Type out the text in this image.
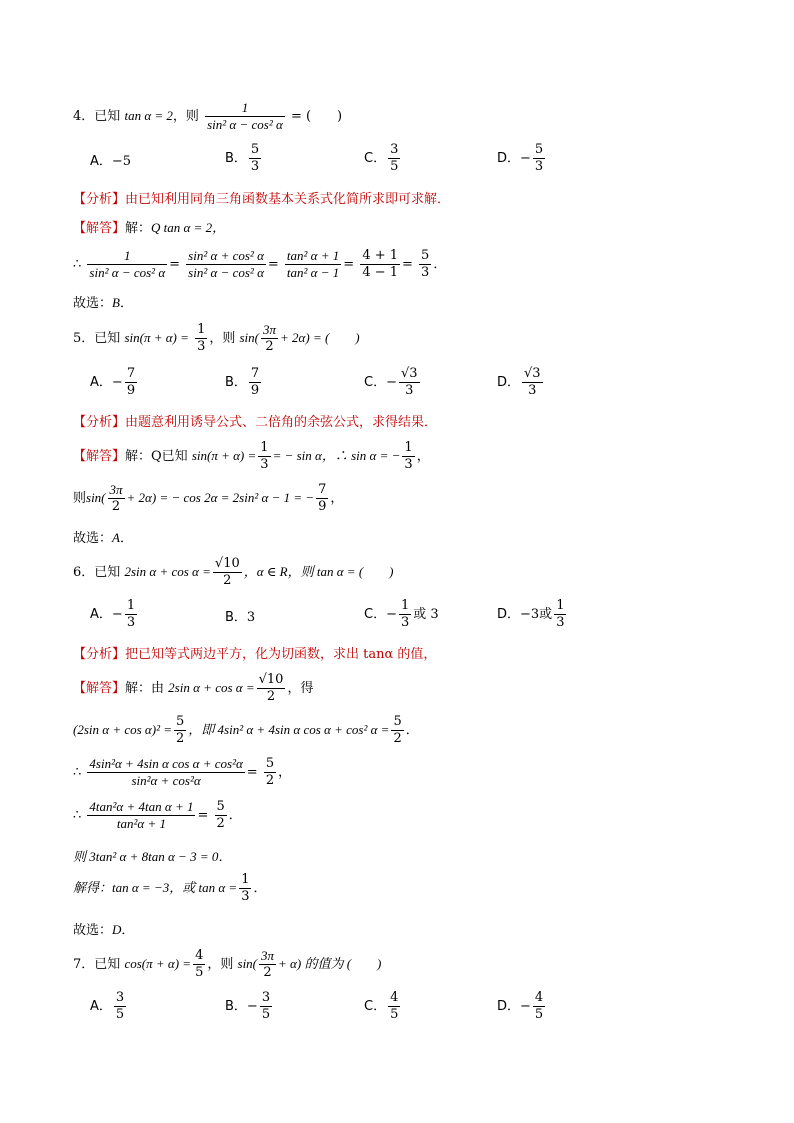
4．已知 tan α = 2，则 $\frac{1}{\text{sin² α − cos² α}}$ = (　　)
A．−5	B． $\frac{5}{3}$	C． $\frac{3}{5}$	D．− $\frac{5}{3}$
【分析】由已知利用同角三角函数基本关系式化简所求即可求解．
【解答】解：Q tan α = 2，
∴ $\frac{1}{\text{sin² α − cos² α}} = \frac{\text{sin² α + cos² α}}{\text{sin² α − cos² α}} = \frac{\text{tan² α + 1}}{\text{tan² α − 1}} = \frac{4 + 1}{4 - 1} = \frac{5}{3}$ ．
故选：B．
5．已知 $\sin(\pi + \alpha) = \frac{1}{3}$ ，则 $\sin( \frac{3\pi}{2} + 2\alpha)$ = (　　)
A．− $\frac{7}{9}$	B． $\frac{7}{9}$	C．− $\frac{√3}{3}$	D． $\frac{√3}{3}$
【分析】由题意利用诱导公式、二倍角的余弦公式，求得结果．
【解答】解：Q已知 $\sin(\pi + \alpha) = \frac{1}{3}$ = − sin α，∴ sin α = − $\frac{1}{3}$ ，
则$\sin( \frac{3\pi}{2} + 2\alpha)$ = − cos 2α = 2sin² α − 1 = − $\frac{7}{9}$ ，
故选：A．
6．已知 2sin $\alpha + \cos \alpha = \frac{√10}{2}$ ，α ∈ R，则 tan α = (　　)
A．− $\frac{1}{3}$	B．3	C．− $\frac{1}{3}$ 或 3	D．−3或 $\frac{1}{3}$
【分析】把已知等式两边平方，化为切函数，求出 tanα 的值，
【解答】解：由 2sin $\alpha + \cos \alpha = \frac{√10}{2}$ ，得
(2sin $\alpha + \cos \alpha)^2 = \frac{5}{2}$ ，即 4sin² α + 4sin α cos α + cos² $\alpha = \frac{5}{2}$ ．
∴ $\frac{\text{4sin²α + 4sin α cos α + cos²α}}{\text{sin²α + cos²α}} = \frac{5}{2}$ ，
∴ $\frac{\text{4tan²α + 4tan α + 1}}{\text{tan²α + 1}} = \frac{5}{2}$ ．
则 3tan² α + 8tan α − 3 = 0．
解得：tan α = −3，或 $\tan \alpha = \frac{1}{3}$ ．
故选：D．
7．已知 $\cos(\pi + \alpha) = \frac{4}{5}$ ，则 $\sin( \frac{3\pi}{2} + \alpha)$ 的值为 (　　)
A． $\frac{3}{5}$	B．− $\frac{3}{5}$	C． $\frac{4}{5}$	D．− $\frac{4}{5}$
